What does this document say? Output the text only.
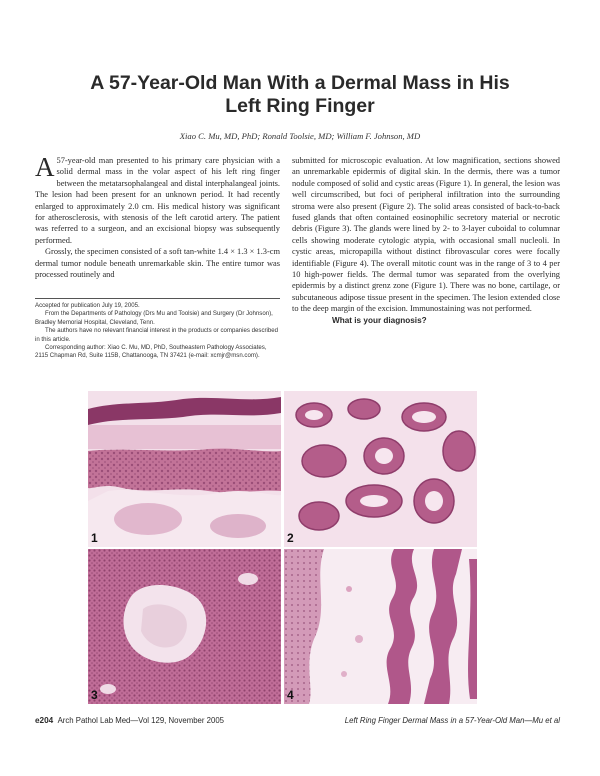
A 57-Year-Old Man With a Dermal Mass in His
Left Ring Finger
Xiao C. Mu, MD, PhD; Ronald Toolsie, MD; William F. Johnson, MD

A 57-year-old man presented to his primary care physician with a solid dermal mass in the volar aspect of his left ring finger between the metatarsophalangeal and distal interphalangeal joints. The lesion had been present for an unknown period. It had recently enlarged to approximately 2.0 cm. His medical history was significant for atherosclerosis, with stenosis of the left carotid artery. The patient was referred to a surgeon, and an excisional biopsy was subsequently performed.

Grossly, the specimen consisted of a soft tan-white 1.4 × 1.3 × 1.3-cm dermal tumor nodule beneath unremarkable skin. The entire tumor was processed routinely and

Accepted for publication July 19, 2005.

From the Departments of Pathology (Drs Mu and Toolsie) and Surgery (Dr Johnson), Bradley Memorial Hospital, Cleveland, Tenn.

The authors have no relevant financial interest in the products or companies described in this article.

Corresponding author: Xiao C. Mu, MD, PhD, Southeastern Pathology Associates, 2115 Chapman Rd, Suite 115B, Chattanooga, TN 37421 (e-mail: xcmjr@msn.com).

submitted for microscopic evaluation. At low magnification, sections showed an unremarkable epidermis of digital skin. In the dermis, there was a tumor nodule composed of solid and cystic areas (Figure 1). In general, the lesion was well circumscribed, but foci of peripheral infiltration into the surrounding stroma were also present (Figure 2). The solid areas consisted of back-to-back fused glands that often contained eosinophilic secretory material or necrotic debris (Figure 3). The glands were lined by 2- to 3-layer cuboidal to columnar cells showing moderate cytologic atypia, with occasional small nucleoli. In cystic areas, micropapilla without distinct fibrovascular cores were focally identifiable (Figure 4). The overall mitotic count was in the range of 3 to 4 per 10 high-power fields. The dermal tumor was separated from the overlying epidermis by a distinct grenz zone (Figure 1). There was no bone, cartilage, or subcutaneous adipose tissue present in the specimen. The lesion extended close to the deep margin of the excision. Immunostaining was not performed.

What is your diagnosis?

1	2
3	4
e204 Arch Pathol Lab Med—Vol 129, November 2005	Left Ring Finger Dermal Mass in a 57-Year-Old Man—Mu et al
